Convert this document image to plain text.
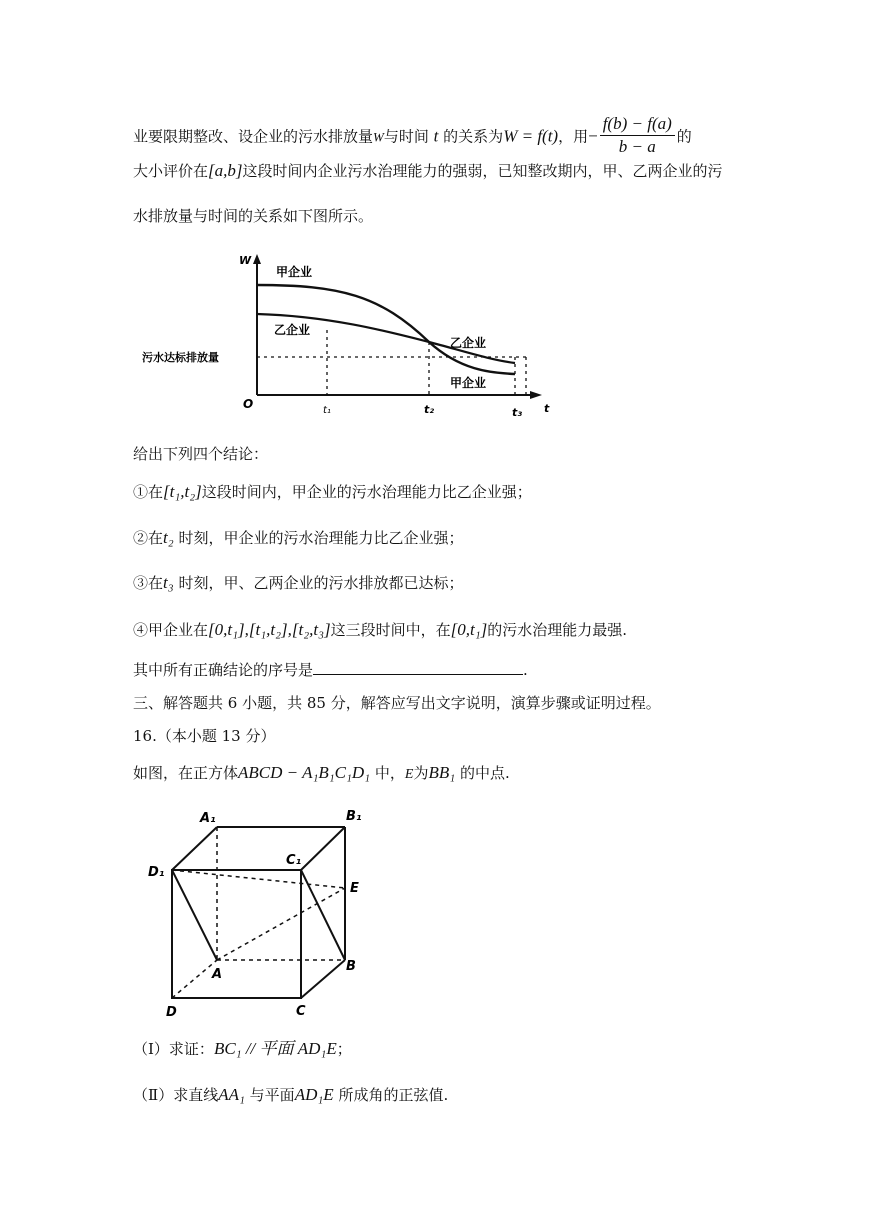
业要限期整改、设企业的污水排放量W与时间 t 的关系为W = f(t)，用− $\frac{f(b) - f(a)}{b - a}$ 的
大小评价在[a,b]这段时间内企业污水治理能力的强弱，已知整改期内，甲、乙两企业的污
水排放量与时间的关系如下图所示。
W
t
O	t₁	t₂	t₃
甲企业
乙企业
乙企业
甲企业
污水达标排放量
给出下列四个结论：
①在[t₁,t₂]这段时间内，甲企业的污水治理能力比乙企业强；
②在t₂ 时刻，甲企业的污水治理能力比乙企业强；
③在t₃ 时刻，甲、乙两企业的污水排放都已达标；
④甲企业在[0,t₁],[t₁,t₂],[t₂,t₃]这三段时间中，在[0,t₁]的污水治理能力最强.
其中所有正确结论的序号是	.
三、解答题共 6 小题，共 85 分，解答应写出文字说明，演算步骤或证明过程。
16.（本小题 13 分）
如图，在正方体ABCD − A₁B₁C₁D₁ 中，E为BB₁ 的中点.
A₁	B₁
C₁
D₁
E
A
B
C
D
（Ⅰ）求证：BC₁ // 平面 AD₁E；
（Ⅱ）求直线AA₁ 与平面AD₁E 所成角的正弦值.
